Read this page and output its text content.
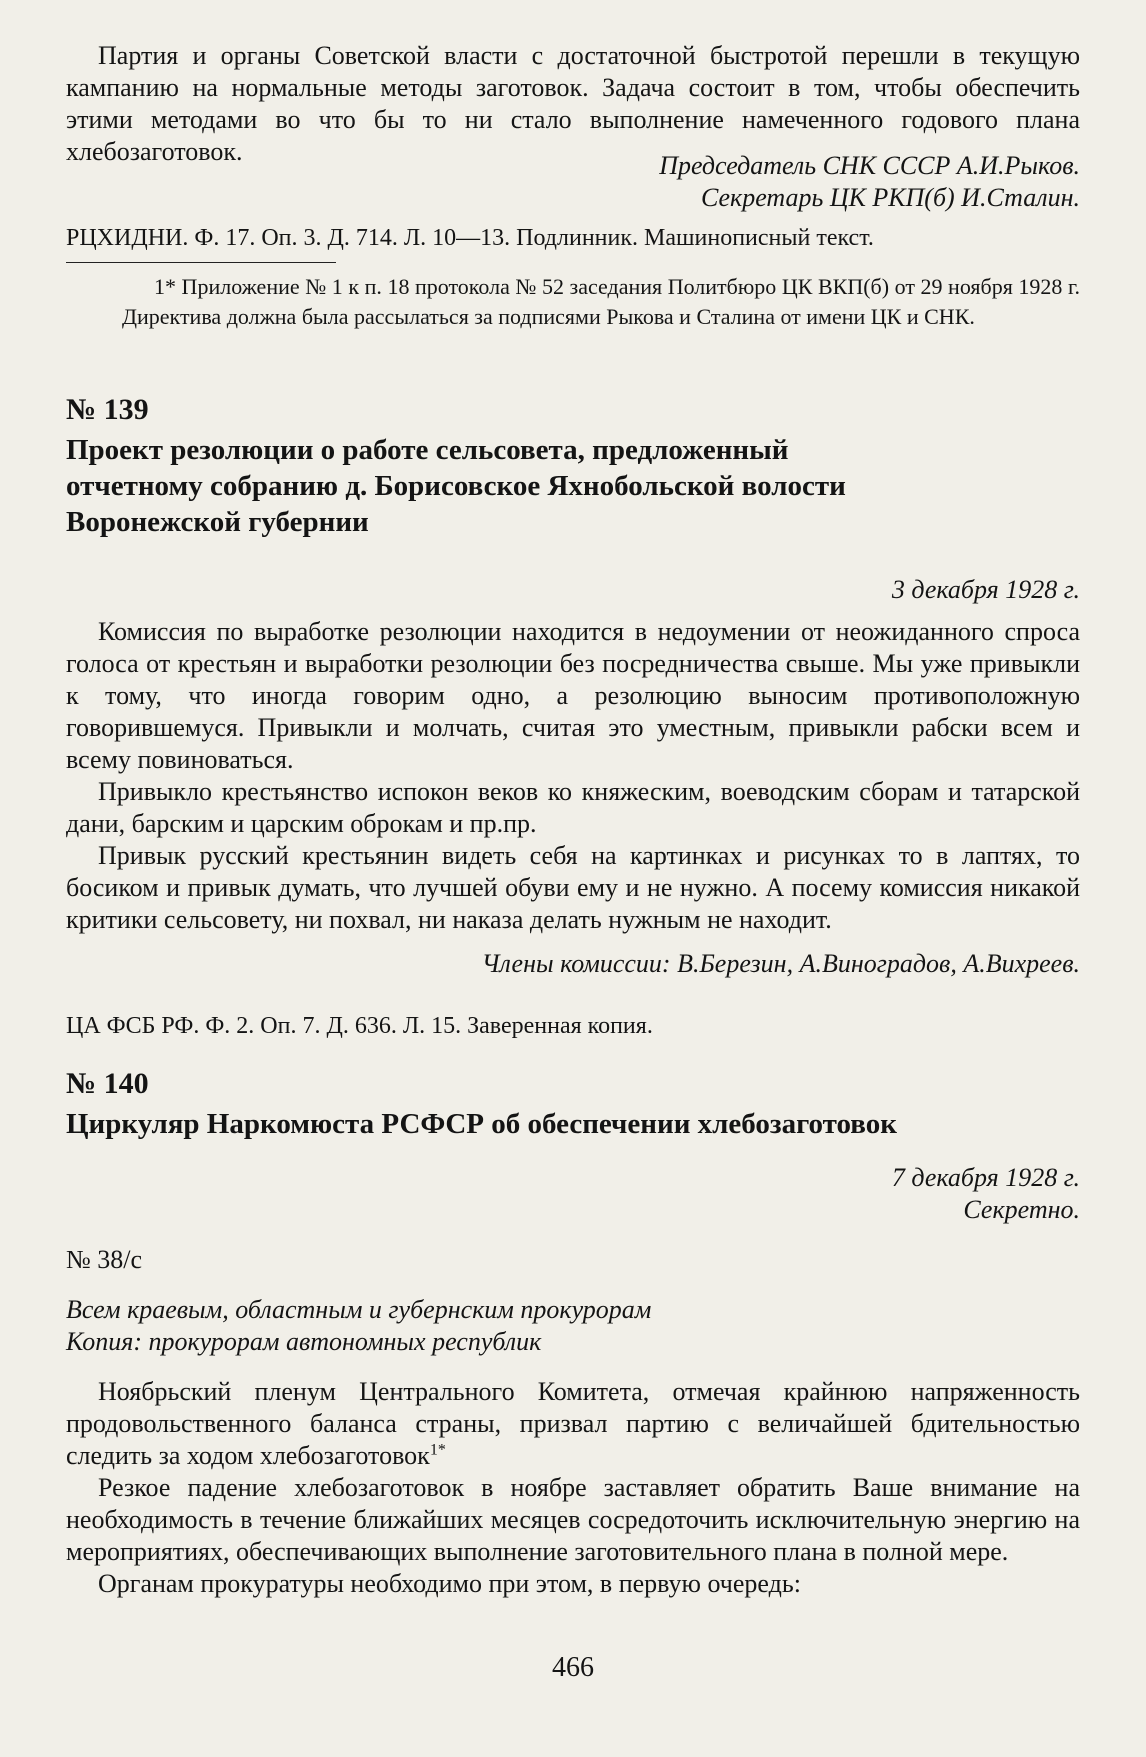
Партия и органы Советской власти с достаточной быстротой перешли в текущую кампанию на нормальные методы заготовок. Задача состоит в том, чтобы обеспечить этими методами во что бы то ни стало выполнение намеченного годового плана хлебозаготовок.	Председатель СНК СССР А.И.Рыков.

Секретарь ЦК РКП(б) И.Сталин.

РЦХИДНИ. Ф. 17. Оп. 3. Д. 714. Л. 10—13. Подлинник. Машинописный текст.

1* Приложение № 1 к п. 18 протокола № 52 заседания Политбюро ЦК ВКП(б) от 29 ноября 1928 г. Директива должна была рассылаться за подписями Рыкова и Сталина от имени ЦК и СНК.

№ 139
Проект резолюции о работе сельсовета, предложенный отчетному собранию д. Борисовское Яхнобольской волости Воронежской губернии

3 декабря 1928 г.

Комиссия по выработке резолюции находится в недоумении от неожиданного спроса голоса от крестьян и выработки резолюции без посредничества свыше. Мы уже привыкли к тому, что иногда говорим одно, а резолюцию выносим противоположную говорившемуся. Привыкли и молчать, считая это уместным, привыкли рабски всем и всему повиноваться.

Привыкло крестьянство испокон веков ко княжеским, воеводским сборам и татарской дани, барским и царским оброкам и пр.пр.

Привык русский крестьянин видеть себя на картинках и рисунках то в лаптях, то босиком и привык думать, что лучшей обуви ему и не нужно. А посему комиссия никакой критики сельсовету, ни похвал, ни наказа делать нужным не находит.

Члены комиссии: В.Березин, А.Виноградов, А.Вихреев.

ЦА ФСБ РФ. Ф. 2. Оп. 7. Д. 636. Л. 15. Заверенная копия.

№ 140
Циркуляр Наркомюста РСФСР об обеспечении хлебозаготовок

7 декабря 1928 г.

Секретно.

№ 38/с

Всем краевым, областным и губернским прокурорам

Копия: прокурорам автономных республик

Ноябрьский пленум Центрального Комитета, отмечая крайнюю напряженность продовольственного баланса страны, призвал партию с величайшей бдительностью следить за ходом хлебозаготовок$^{1*}$

Резкое падение хлебозаготовок в ноябре заставляет обратить Ваше внимание на необходимость в течение ближайших месяцев сосредоточить исключительную энергию на мероприятиях, обеспечивающих выполнение заготовительного плана в полной мере.

Органам прокуратуры необходимо при этом, в первую очередь:

466
